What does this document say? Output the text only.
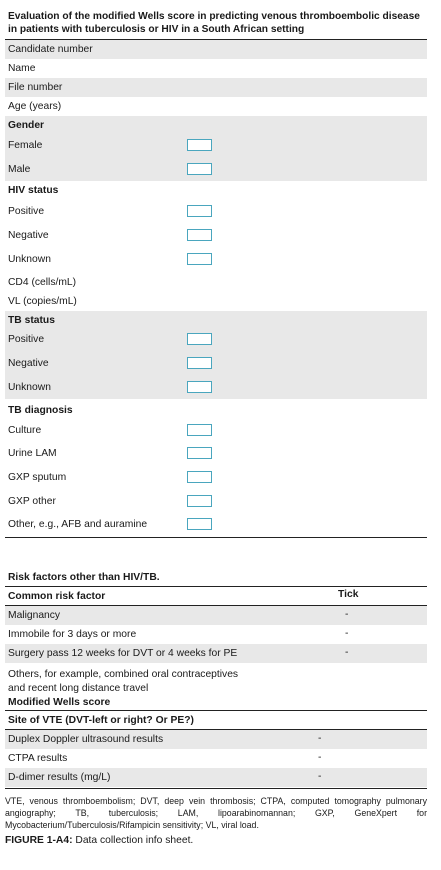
Evaluation of the modified Wells score in predicting venous thromboembolic disease in patients with tuberculosis or HIV in a South African setting
Candidate number
Name
File number
Age (years)
Gender
Female
Male
HIV status
Positive
Negative
Unknown
CD4 (cells/mL)
VL (copies/mL)
TB status
Positive
Negative
Unknown
TB diagnosis
Culture
Urine LAM
GXP sputum
GXP other
Other, e.g., AFB and auramine
Risk factors other than HIV/TB.
Common risk factor	Tick
Malignancy	-
Immobile for 3 days or more	-
Surgery pass 12 weeks for DVT or 4 weeks for PE	-
Others, for example, combined oral contraceptives
and recent long distance travel
Modified Wells score
Site of VTE (DVT-left or right? Or PE?)
Duplex Doppler ultrasound results	-
CTPA results	-
D-dimer results (mg/L)	-
VTE, venous thromboembolism; DVT, deep vein thrombosis; CTPA, computed tomography pulmonary angiography; TB, tuberculosis; LAM, lipoarabinomannan; GXP, GeneXpert for Mycobacterium/Tuberculosis/Rifampicin sensitivity; VL, viral load.
FIGURE 1-A4: Data collection info sheet.
